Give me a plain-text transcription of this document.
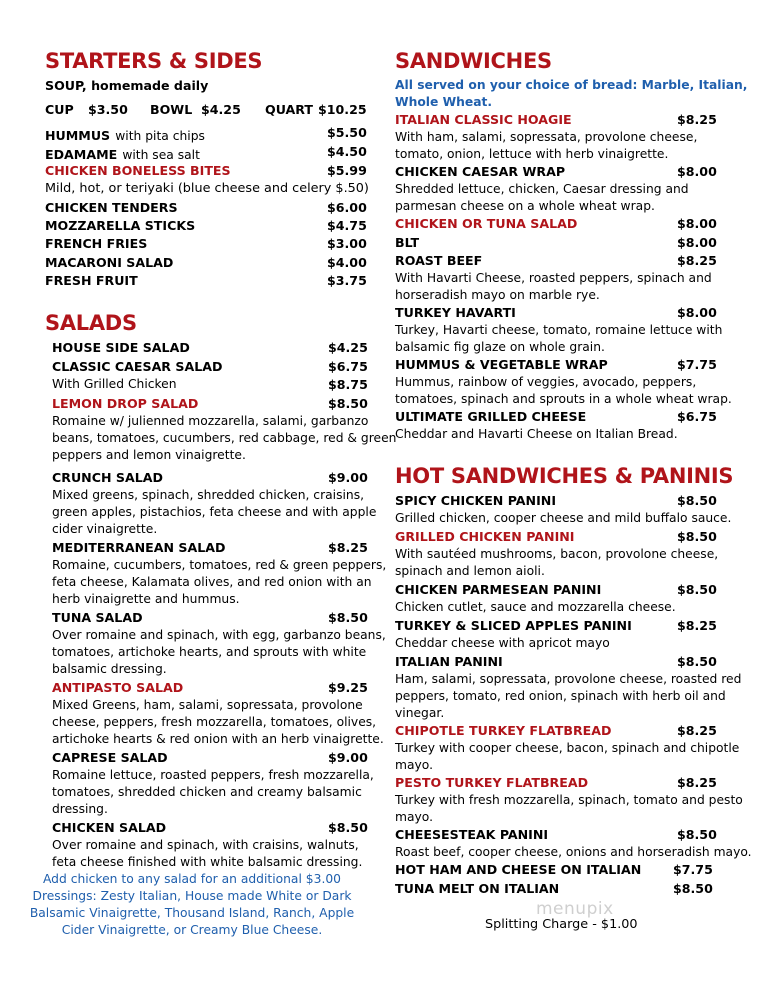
STARTERS & SIDES
SOUP, homemade daily
CUP $3.50 BOWL $4.25 QUART $10.25
HUMMUS with pita chips	$5.50
EDAMAME with sea salt	$4.50
CHICKEN BONELESS BITES	$5.99
Mild, hot, or teriyaki (blue cheese and celery $.50)
CHICKEN TENDERS	$6.00
MOZZARELLA STICKS	$4.75
FRENCH FRIES	$3.00
MACARONI SALAD	$4.00
FRESH FRUIT	$3.75
SALADS
HOUSE SIDE SALAD	$4.25
CLASSIC CAESAR SALAD	$6.75
With Grilled Chicken	$8.75
LEMON DROP SALAD	$8.50
Romaine w/ julienned mozzarella, salami, garbanzo
beans, tomatoes, cucumbers, red cabbage, red & green
peppers and lemon vinaigrette.
CRUNCH SALAD	$9.00
Mixed greens, spinach, shredded chicken, craisins,
green apples, pistachios, feta cheese and with apple
cider vinaigrette.
MEDITERRANEAN SALAD	$8.25
Romaine, cucumbers, tomatoes, red & green peppers,
feta cheese, Kalamata olives, and red onion with an
herb vinaigrette and hummus.
TUNA SALAD	$8.50
Over romaine and spinach, with egg, garbanzo beans,
tomatoes, artichoke hearts, and sprouts with white
balsamic dressing.
ANTIPASTO SALAD	$9.25
Mixed Greens, ham, salami, sopressata, provolone
cheese, peppers, fresh mozzarella, tomatoes, olives,
artichoke hearts & red onion with an herb vinaigrette.
CAPRESE SALAD	$9.00
Romaine lettuce, roasted peppers, fresh mozzarella,
tomatoes, shredded chicken and creamy balsamic
dressing.
CHICKEN SALAD	$8.50
Over romaine and spinach, with craisins, walnuts,
feta cheese finished with white balsamic dressing.
Add chicken to any salad for an additional $3.00
Dressings: Zesty Italian, House made White or Dark
Balsamic Vinaigrette, Thousand Island, Ranch, Apple
Cider Vinaigrette, or Creamy Blue Cheese.
SANDWICHES
All served on your choice of bread: Marble, Italian,
Whole Wheat.
ITALIAN CLASSIC HOAGIE	$8.25
With ham, salami, sopressata, provolone cheese,
tomato, onion, lettuce with herb vinaigrette.
CHICKEN CAESAR WRAP	$8.00
Shredded lettuce, chicken, Caesar dressing and
parmesan cheese on a whole wheat wrap.
CHICKEN OR TUNA SALAD	$8.00
BLT	$8.00
ROAST BEEF	$8.25
With Havarti Cheese, roasted peppers, spinach and
horseradish mayo on marble rye.
TURKEY HAVARTI	$8.00
Turkey, Havarti cheese, tomato, romaine lettuce with
balsamic fig glaze on whole grain.
HUMMUS & VEGETABLE WRAP	$7.75
Hummus, rainbow of veggies, avocado, peppers,
tomatoes, spinach and sprouts in a whole wheat wrap.
ULTIMATE GRILLED CHEESE	$6.75
Cheddar and Havarti Cheese on Italian Bread.
HOT SANDWICHES & PANINIS
SPICY CHICKEN PANINI	$8.50
Grilled chicken, cooper cheese and mild buffalo sauce.
GRILLED CHICKEN PANINI	$8.50
With sautéed mushrooms, bacon, provolone cheese,
spinach and lemon aioli.
CHICKEN PARMESEAN PANINI	$8.50
Chicken cutlet, sauce and mozzarella cheese.
TURKEY & SLICED APPLES PANINI	$8.25
Cheddar cheese with apricot mayo
ITALIAN PANINI	$8.50
Ham, salami, sopressata, provolone cheese, roasted red
peppers, tomato, red onion, spinach with herb oil and
vinegar.
CHIPOTLE TURKEY FLATBREAD	$8.25
Turkey with cooper cheese, bacon, spinach and chipotle
mayo.
PESTO TURKEY FLATBREAD	$8.25
Turkey with fresh mozzarella, spinach, tomato and pesto
mayo.
CHEESESTEAK PANINI	$8.50
Roast beef, cooper cheese, onions and horseradish mayo.
HOT HAM AND CHEESE ON ITALIAN	$7.75
TUNA MELT ON ITALIAN	$8.50
menupix
Splitting Charge - $1.00
